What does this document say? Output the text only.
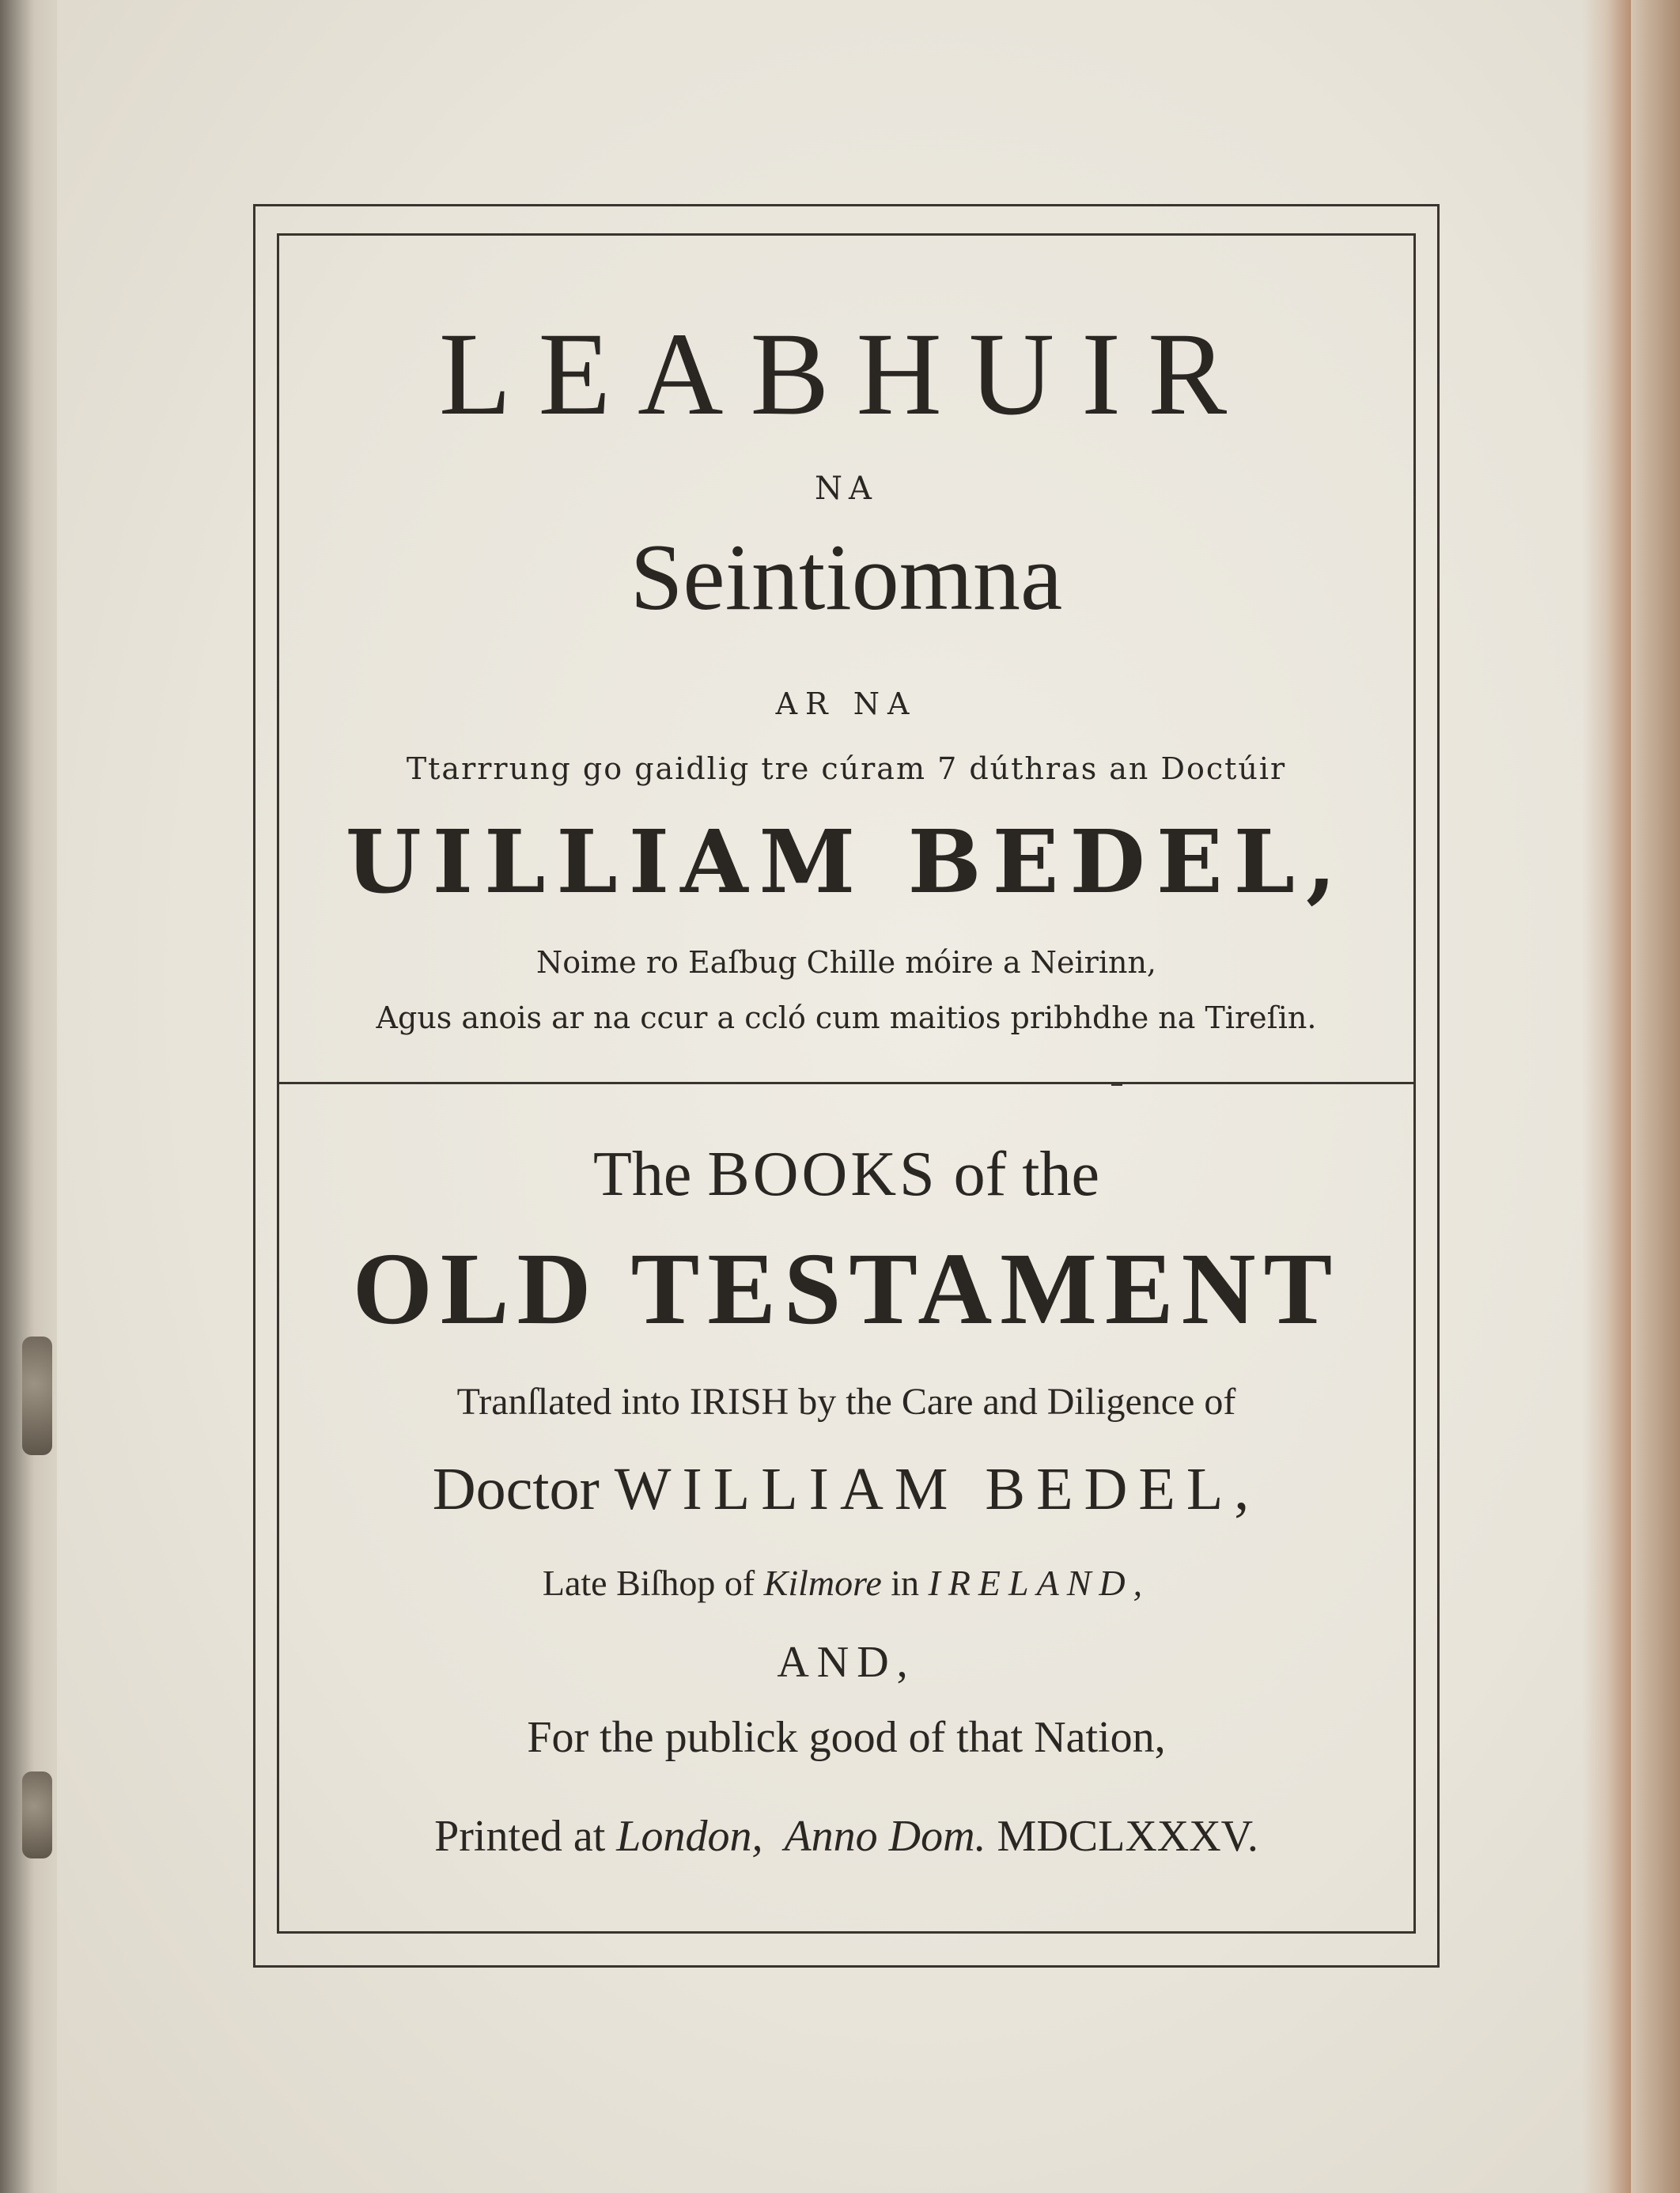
LEABHUIR
NA
Seintiomna
AR NA
Ttarrrung go gaidlig tre cúram 7 dúthras an Doctúir
UILLIAM BEDEL,
Noime ro Eaſbug Chille móire a Neirinn,
Agus anois ar na ccur a ccló cum maitios pribhdhe na Tireſin.
The BOOKS of the
OLD TESTAMENT
Tranſlated into IRISH by the Care and Diligence of
Doctor WILLIAM BEDEL,
Late Biſhop of Kilmore in IRELAND,
AND,
For the publick good of that Nation,
Printed at London,  Anno Dom. MDCLXXXV.
